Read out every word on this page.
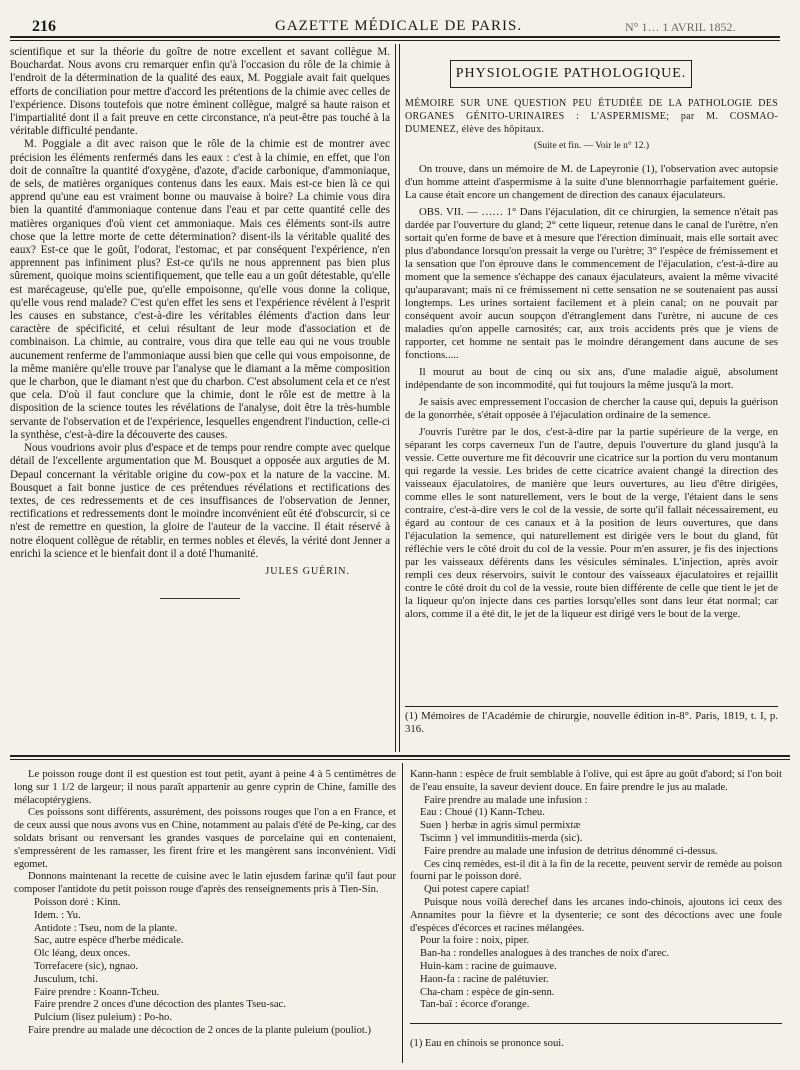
216	GAZETTE MÉDICALE DE PARIS.	N° 1… 1 AVRIL 1852.

scientifique et sur la théorie du goître de notre excellent et savant collègue M. Bouchardat. Nous avons cru remarquer enfin qu'à l'occasion du rôle de la chimie à l'endroit de la détermination de la qualité des eaux, M. Poggiale avait fait quelques efforts de conciliation pour mettre d'accord les prétentions de la chimie avec celles de l'expérience. Disons toutefois que notre éminent collègue, malgré sa haute raison et l'impartialité dont il a fait preuve en cette circonstance, n'a peut-être pas touché à la véritable difficulté pendante.

M. Poggiale a dit avec raison que le rôle de la chimie est de montrer avec précision les éléments renfermés dans les eaux : c'est à la chimie, en effet, que l'on doit de connaître la quantité d'oxygène, d'azote, d'acide carbonique, d'ammoniaque, de sels, de matières organiques contenus dans les eaux. Mais est-ce bien là ce qui apprend qu'une eau est vraiment bonne ou mauvaise à boire? La chimie vous dira bien la quantité d'ammoniaque contenue dans l'eau et par cette quantité celle des matières organiques d'où vient cet ammoniaque. Mais ces éléments sont-ils autre chose que la lettre morte de cette détermination? disent-ils la véritable qualité des eaux? Est-ce que le goût, l'odorat, l'estomac, et par conséquent l'expérience, n'en apprennent pas infiniment plus? Est-ce qu'ils ne nous apprennent pas bien plus sûrement, quoique moins scientifiquement, que telle eau a un goût détestable, qu'elle est marécageuse, qu'elle pue, qu'elle empoisonne, qu'elle vous donne la colique, qu'elle vous rend malade? C'est qu'en effet les sens et l'expérience révèlent à l'esprit les causes en substance, c'est-à-dire les véritables éléments d'action dans leur caractère de spécificité, et celui résultant de leur mode d'association et de combinaison. La chimie, au contraire, vous dira que telle eau qui ne vous trouble aucunement renferme de l'ammoniaque aussi bien que celle qui vous empoisonne, de la même manière qu'elle trouve par l'analyse que le diamant a la même composition que le charbon, que le diamant n'est que du charbon. C'est absolument cela et ce n'est que cela. D'où il faut conclure que la chimie, dont le rôle est de mettre à la disposition de la science toutes les révélations de l'analyse, doit être la très-humble servante de l'observation et de l'expérience, lesquelles engendrent l'induction, celle-ci la synthèse, c'est-à-dire la découverte des causes.

Nous voudrions avoir plus d'espace et de temps pour rendre compte avec quelque détail de l'excellente argumentation que M. Bousquet a opposée aux arguties de M. Depaul concernant la véritable origine du cow-pox et la nature de la vaccine. M. Bousquet a fait bonne justice de ces prétendues révélations et rectifications des textes, de ces redressements et de ces insuffisances de l'observation de Jenner, rectifications et redressements dont le moindre inconvénient eût été d'obscurcir, si ce n'est de remettre en question, la gloire de l'auteur de la vaccine. Il était réservé à notre éloquent collègue de rétablir, en termes nobles et élevés, la vérité dont Jenner a enrichi la science et le bienfait dont il a doté l'humanité.

JULES GUÉRIN.

PHYSIOLOGIE PATHOLOGIQUE.

MÉMOIRE SUR UNE QUESTION PEU ÉTUDIÉE DE LA PATHOLOGIE DES ORGANES GÉNITO-URINAIRES : L'ASPERMISME; par M. COSMAO-DUMENEZ, élève des hôpitaux.

(Suite et fin. — Voir le n° 12.)

On trouve, dans un mémoire de M. de Lapeyronie (1), l'observation avec autopsie d'un homme atteint d'aspermisme à la suite d'une blennorrhagie parfaitement guérie. La cause était encore un changement de direction des canaux éjaculateurs.

OBS. VII. — …… 1° Dans l'éjaculation, dit ce chirurgien, la semence n'était pas dardée par l'ouverture du gland; 2° cette liqueur, retenue dans le canal de l'urètre, n'en sortait qu'en forme de bave et à mesure que l'érection diminuait, mais elle sortait avec plus d'abondance lorsqu'on pressait la verge ou l'urètre; 3° l'espèce de frémissement et la sensation que l'on éprouve dans le commencement de l'éjaculation, c'est-à-dire au moment que la semence s'échappe des canaux éjaculateurs, avaient la même vivacité qu'auparavant; mais ni ce frémissement ni cette sensation ne se soutenaient pas aussi longtemps. Les urines sortaient facilement et à plein canal; on ne pouvait par conséquent avoir aucun soupçon d'étranglement dans l'urètre, ni aucune de ces maladies qu'on appelle carnosités; car, aux trois accidents près que je viens de rapporter, cet homme ne sentait pas le moindre dérangement dans aucune de ses fonctions.....

Il mourut au bout de cinq ou six ans, d'une maladie aiguë, absolument indépendante de son incommodité, qui fut toujours la même jusqu'à la mort.

Je saisis avec empressement l'occasion de chercher la cause qui, depuis la guérison de la gonorrhée, s'était opposée à l'éjaculation ordinaire de la semence.

J'ouvris l'urètre par le dos, c'est-à-dire par la partie supérieure de la verge, en séparant les corps caverneux l'un de l'autre, depuis l'ouverture du gland jusqu'à la vessie. Cette ouverture me fit découvrir une cicatrice sur la portion du veru montanum qui regarde la vessie. Les brides de cette cicatrice avaient changé la direction des vaisseaux éjaculatoires, de manière que leurs ouvertures, au lieu d'être dirigées, comme elles le sont naturellement, vers le bout de la verge, l'étaient dans le sens contraire, c'est-à-dire vers le col de la vessie, de sorte qu'il fallait nécessairement, eu égard au contour de ces canaux et à la position de leurs ouvertures, que dans l'éjaculation la semence, qui naturellement est dirigée vers le bout du gland, fût réfléchie vers le côté droit du col de la vessie. Pour m'en assurer, je fis des injections par les vaisseaux déférents dans les vésicules séminales. L'injection, après avoir rempli ces deux réservoirs, suivit le contour des vaisseaux éjaculatoires et rejaillit contre le côté droit du col de la vessie, route bien différente de celle que tient le jet de la liqueur qu'on injecte dans ces parties lorsqu'elles sont dans leur état normal; car alors, comme il a été dit, le jet de la liqueur est dirigé vers le bout de la verge.

(1) Mémoires de l'Académie de chirurgie, nouvelle édition in-8°. Paris, 1819, t. I, p. 316.

Le poisson rouge dont il est question est tout petit, ayant à peine 4 à 5 centimètres de long sur 1 1/2 de largeur; il nous paraît appartenir au genre cyprin de Chine, famille des mélacoptérygiens.

Ces poissons sont différents, assurément, des poissons rouges que l'on a en France, et de ceux aussi que nous avons vus en Chine, notamment au palais d'été de Pe-king, car des soldats brisant ou renversant les grandes vasques de porcelaine qui en contenaient, s'empressèrent de les ramasser, les firent frire et les mangèrent sans inconvénient. Vidi egomet.

Donnons maintenant la recette de cuisine avec le latin ejusdem farinæ qu'il faut pour composer l'antidote du petit poisson rouge d'après des renseignements pris à Tien-Sin.

Poisson doré : Kinn.

Idem. : Yu.

Antidote : Tseu, nom de la plante.

Sac, autre espèce d'herbe médicale.

Olc léang, deux onces.

Torrefacere (sic), ngnao.

Jusculum, tchi.

Faire prendre : Koann-Tcheu.

Faire prendre 2 onces d'une décoction des plantes Tseu-sac.

Pulcium (lisez puleium) : Po-ho.

Faire prendre au malade une décoction de 2 onces de la plante puleium (pouliot.)

Kann-hann : espèce de fruit semblable à l'olive, qui est âpre au goût d'abord; si l'on boit de l'eau ensuite, la saveur devient douce. En faire prendre le jus au malade.

Faire prendre au malade une infusion :

Eau : Choué (1) Kann-Tcheu.

Suen } herbæ in agris simul permixtæ

Tscimn } vel immunditiis-merda (sic).

Faire prendre au malade une infusion de detritus dénommé ci-dessus.

Ces cinq remèdes, est-il dit à la fin de la recette, peuvent servir de remède au poison fourni par le poisson doré.

Qui potest capere capiat!

Puisque nous voilà derechef dans les arcanes indo-chinois, ajoutons ici ceux des Annamites pour la fièvre et la dysenterie; ce sont des décoctions avec une foule d'espèces d'écorces et racines mélangées.

Pour la foire : noix, piper.

Ban-ha : rondelles analogues à des tranches de noix d'arec.

Huin-kam : racine de guimauve.

Haon-fa : racine de palétuvier.

Cha-cham : espèce de gin-senn.

Tan-baï : écorce d'orange.

(1) Eau en chinois se prononce soui.
